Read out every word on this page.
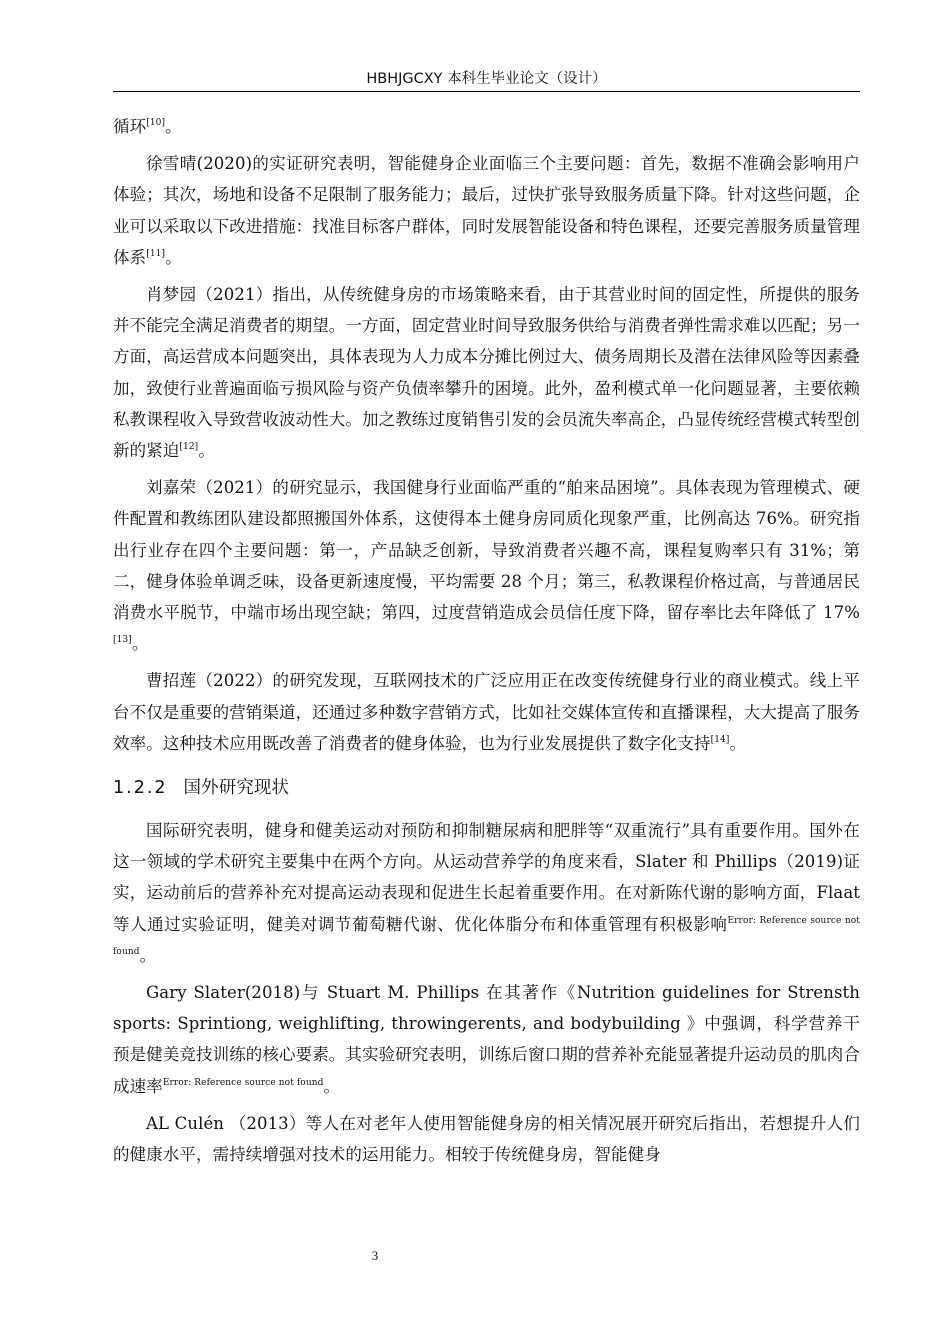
HBHJGCXY 本科生毕业论文（设计）

循环[10]。

徐雪晴(2020)的实证研究表明，智能健身企业面临三个主要问题：首先，数据不准确会影响用户体验；其次，场地和设备不足限制了服务能力；最后，过快扩张导致服务质量下降。针对这些问题，企业可以采取以下改进措施：找准目标客户群体，同时发展智能设备和特色课程，还要完善服务质量管理体系[11]。

肖梦园（2021）指出，从传统健身房的市场策略来看，由于其营业时间的固定性，所提供的服务并不能完全满足消费者的期望。一方面，固定营业时间导致服务供给与消费者弹性需求难以匹配；另一方面，高运营成本问题突出，具体表现为人力成本分摊比例过大、债务周期长及潜在法律风险等因素叠加，致使行业普遍面临亏损风险与资产负债率攀升的困境。此外，盈利模式单一化问题显著，主要依赖私教课程收入导致营收波动性大。加之教练过度销售引发的会员流失率高企，凸显传统经营模式转型创新的紧迫[12]。

刘嘉荣（2021）的研究显示，我国健身行业面临严重的“舶来品困境”。具体表现为管理模式、硬件配置和教练团队建设都照搬国外体系，这使得本土健身房同质化现象严重，比例高达 76%。研究指出行业存在四个主要问题：第一，产品缺乏创新，导致消费者兴趣不高，课程复购率只有 31%；第二，健身体验单调乏味，设备更新速度慢，平均需要 28 个月；第三，私教课程价格过高，与普通居民消费水平脱节，中端市场出现空缺；第四，过度营销造成会员信任度下降，留存率比去年降低了 17%[13]。

曹招莲（2022）的研究发现，互联网技术的广泛应用正在改变传统健身行业的商业模式。线上平台不仅是重要的营销渠道，还通过多种数字营销方式，比如社交媒体宣传和直播课程，大大提高了服务效率。这种技术应用既改善了消费者的健身体验，也为行业发展提供了数字化支持[14]。

1.2.2 国外研究现状

国际研究表明，健身和健美运动对预防和抑制糖尿病和肥胖等“双重流行”具有重要作用。国外在这一领域的学术研究主要集中在两个方向。从运动营养学的角度来看，Slater 和 Phillips（2019)证实，运动前后的营养补充对提高运动表现和促进生长起着重要作用。在对新陈代谢的影响方面，Flaat 等人通过实验证明，健美对调节葡萄糖代谢、优化体脂分布和体重管理有积极影响$^{Error: Reference source not found}$。

Gary Slater(2018)与 Stuart M. Phillips 在其著作《Nutrition guidelines for Strensth sports: Sprintiong, weighlifting, throwingerents, and bodybuilding 》中强调，科学营养干预是健美竞技训练的核心要素。其实验研究表明，训练后窗口期的营养补充能显著提升运动员的肌肉合成速率$^{Error: Reference source not found}$。

AL Culén （2013）等人在对老年人使用智能健身房的相关情况展开研究后指出，若想提升人们的健康水平，需持续增强对技术的运用能力。相较于传统健身房，智能健身

3
